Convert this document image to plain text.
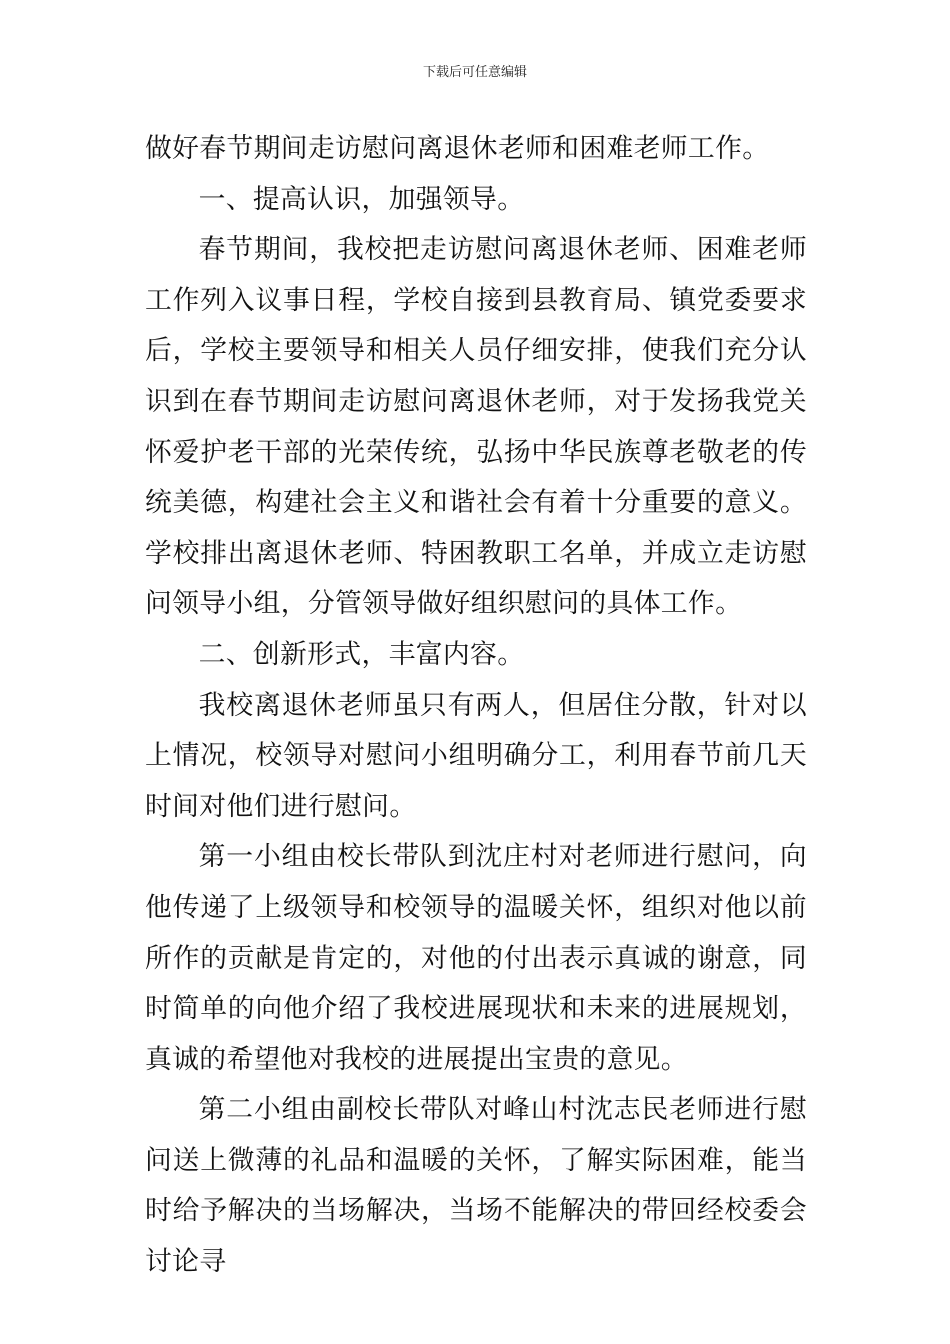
下载后可任意编辑

做好春节期间走访慰问离退休老师和困难老师工作。

一、提高认识，加强领导。

春节期间，我校把走访慰问离退休老师、困难老师工作列入议事日程，学校自接到县教育局、镇党委要求后，学校主要领导和相关人员仔细安排，使我们充分认识到在春节期间走访慰问离退休老师，对于发扬我党关怀爱护老干部的光荣传统，弘扬中华民族尊老敬老的传统美德，构建社会主义和谐社会有着十分重要的意义。学校排出离退休老师、特困教职工名单，并成立走访慰问领导小组，分管领导做好组织慰问的具体工作。

二、创新形式，丰富内容。

我校离退休老师虽只有两人，但居住分散，针对以上情况，校领导对慰问小组明确分工，利用春节前几天时间对他们进行慰问。

第一小组由校长带队到沈庄村对老师进行慰问，向他传递了上级领导和校领导的温暖关怀，组织对他以前所作的贡献是肯定的，对他的付出表示真诚的谢意，同时简单的向他介绍了我校进展现状和未来的进展规划，真诚的希望他对我校的进展提出宝贵的意见。

第二小组由副校长带队对峰山村沈志民老师进行慰问送上微薄的礼品和温暖的关怀，了解实际困难，能当时给予解决的当场解决，当场不能解决的带回经校委会讨论寻
